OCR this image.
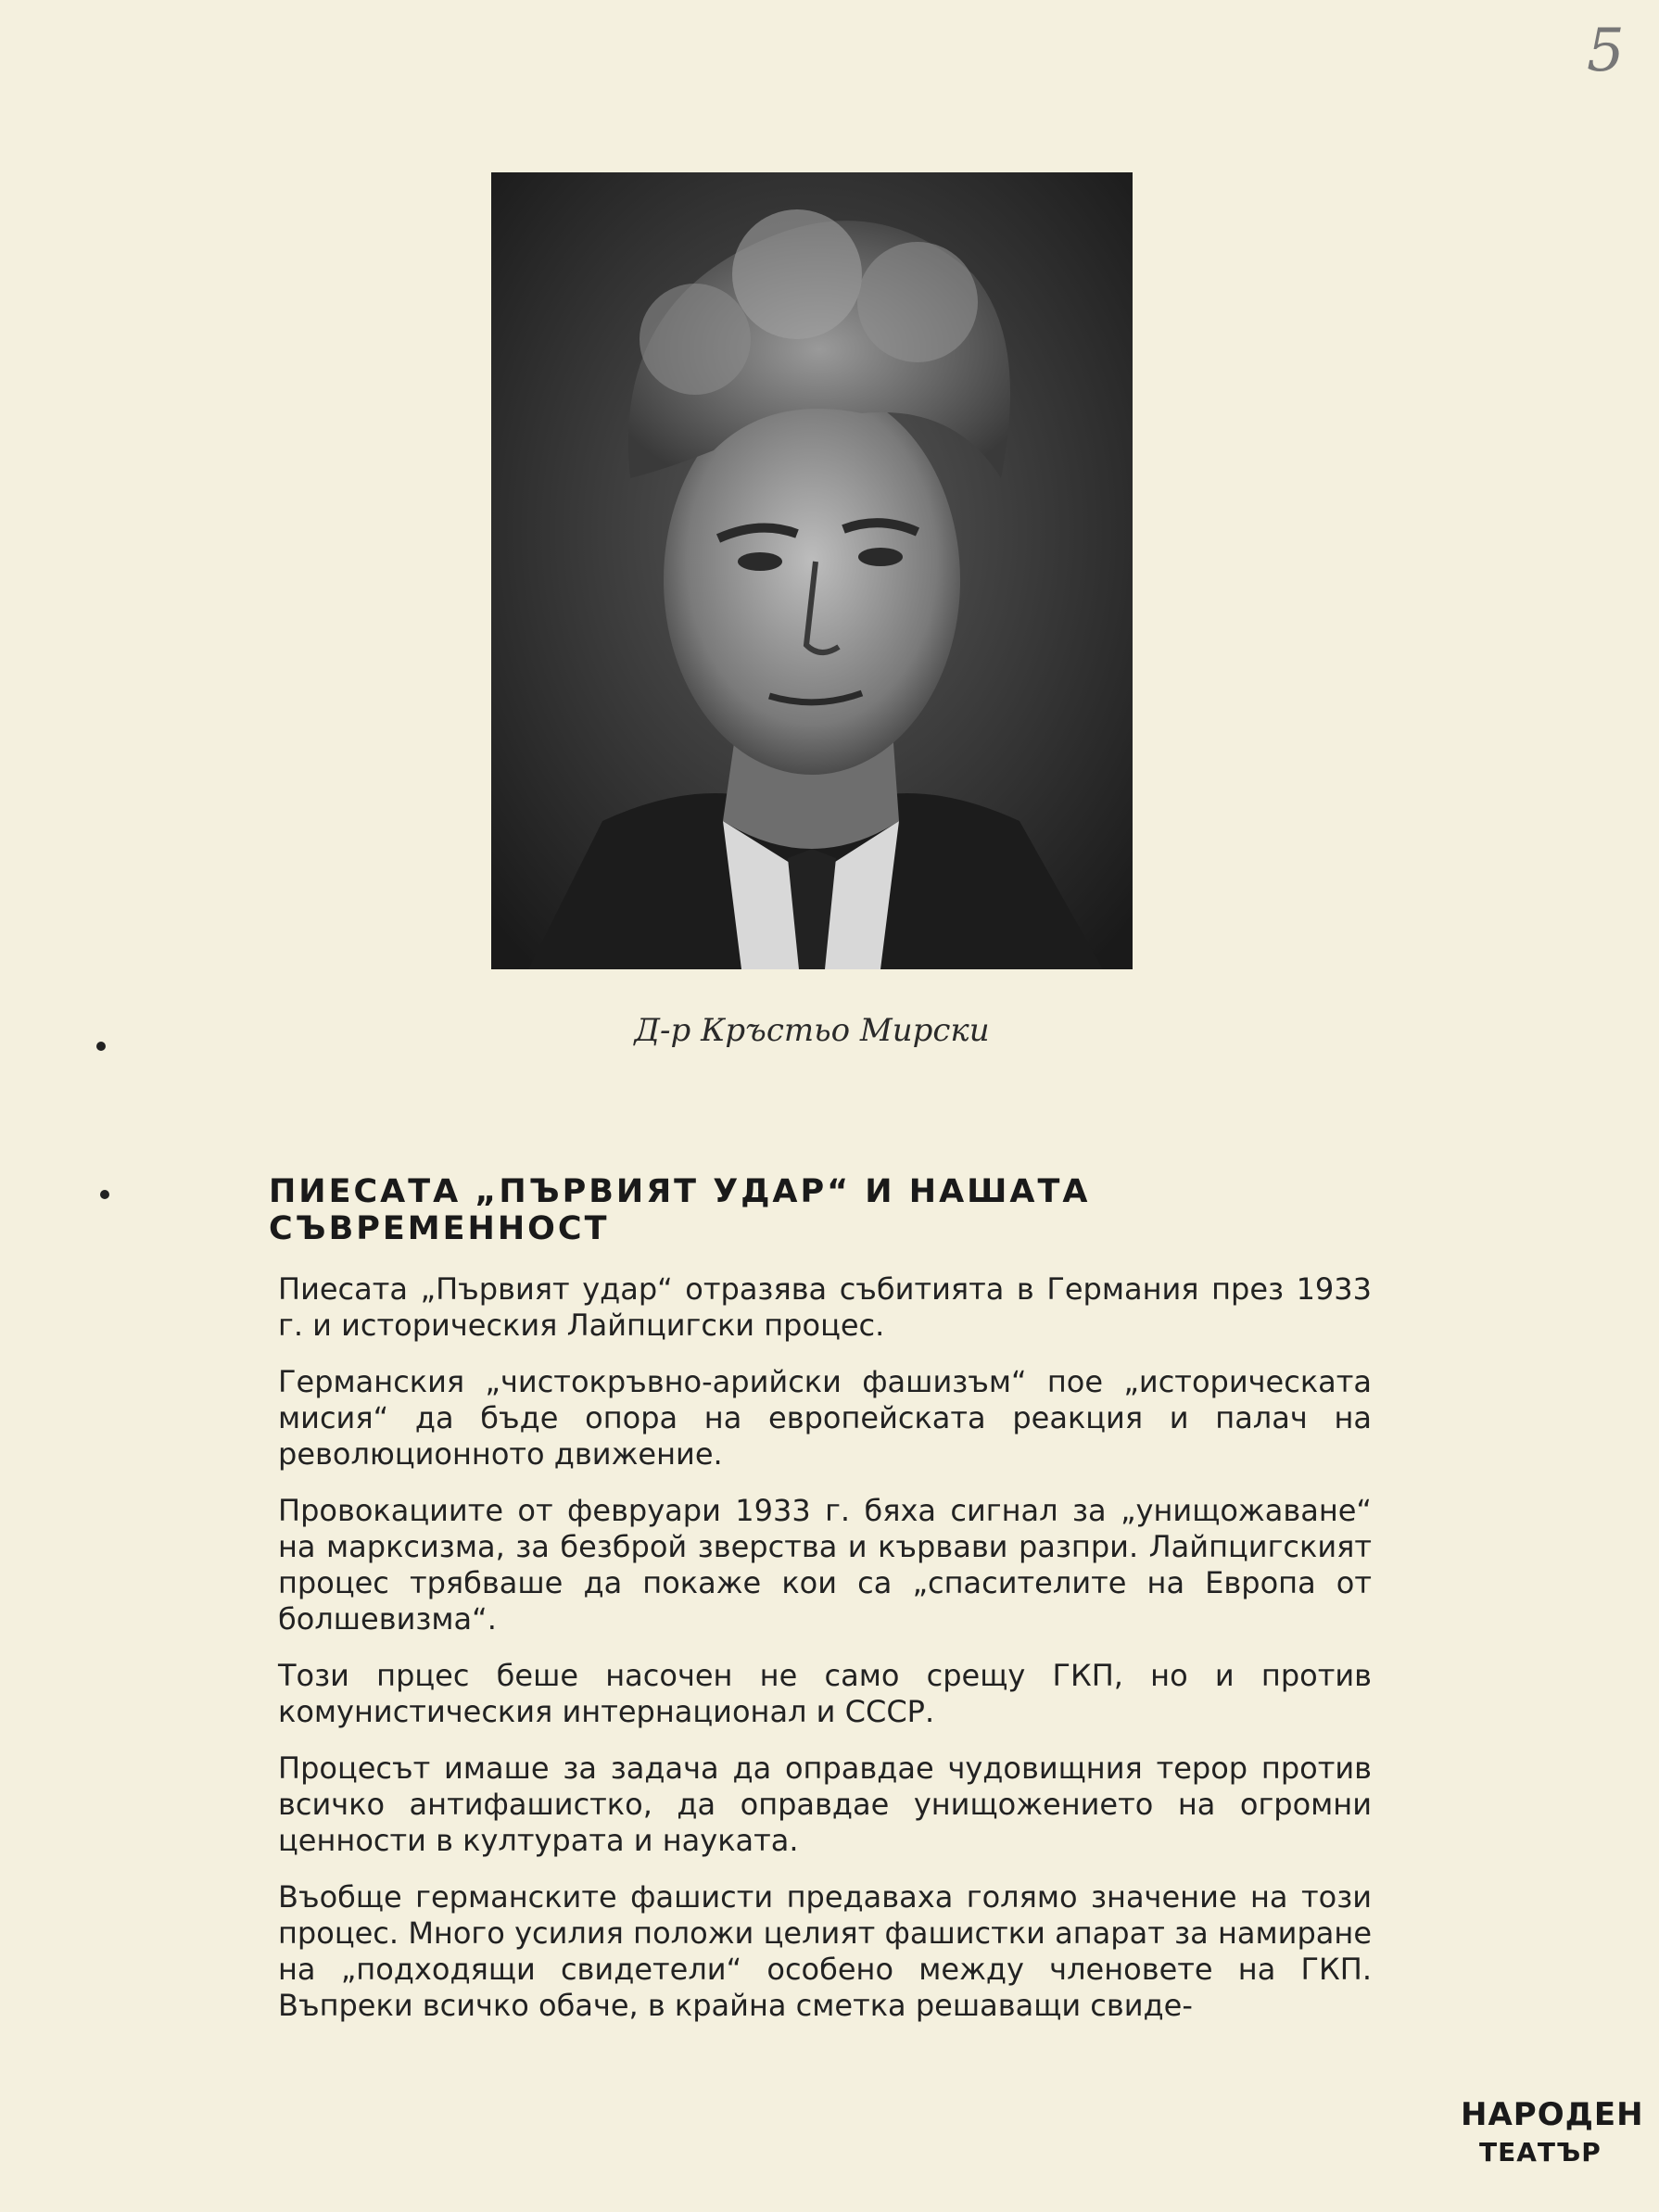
5
Д-р Кръстьо Мирски
ПИЕСАТА „ПЪРВИЯТ УДАР“ И НАШАТА СЪВРЕМЕННОСТ

Пиесата „Първият удар“ отразява събитията в Германия през 1933 г. и историческия Лайпцигски процес.

Германския „чистокръвно-арийски фашизъм“ пое „историческата мисия“ да бъде опора на европейската реакция и палач на революционното движение.

Провокациите от февруари 1933 г. бяха сигнал за „унищожаване“ на марксизма, за безброй зверства и кървави разпри. Лайпцигският процес трябваше да покаже кои са „спасителите на Европа от болшевизма“.

Този прцес беше насочен не само срещу ГКП, но и против комунистическия интернационал и СССР.

Процесът имаше за задача да оправдае чудовищния терор против всичко антифашистко, да оправдае унищожението на огромни ценности в културата и науката.

Въобще германските фашисти предаваха голямо значение на този процес. Много усилия положи целият фашистки апарат за намиране на „подходящи свидетели“ особено между членовете на ГКП. Въпреки всичко обаче, в крайна сметка решаващи свиде-

НАРОДЕН
ТЕАТЪР
